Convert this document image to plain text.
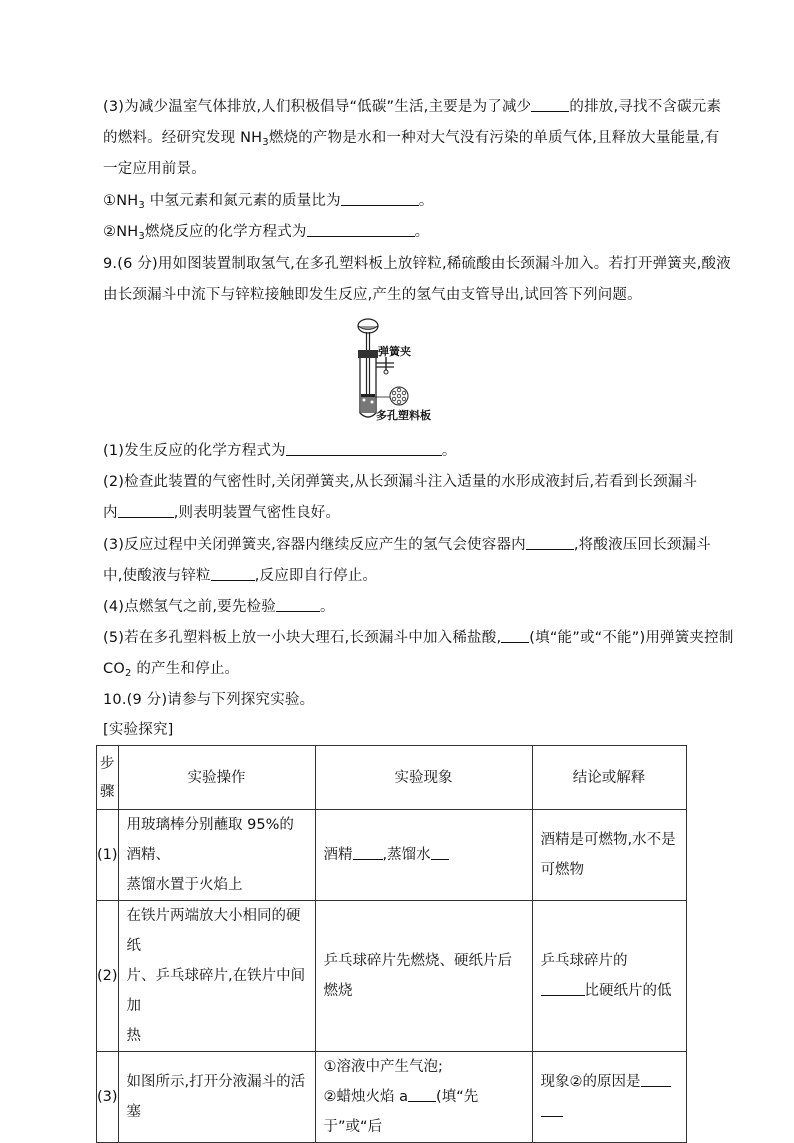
(3)为减少温室气体排放,人们积极倡导“低碳”生活,主要是为了减少	的排放,寻找不含碳元素
的燃料。经研究发现 $NH_3$燃烧的产物是水和一种对大气没有污染的单质气体,且释放大量能量,有
一定应用前景。
$①NH_3$ 中氢元素和氮元素的质量比为	。
$②NH_3$燃烧反应的化学方程式为	。
9.(6 分)用如图装置制取氢气,在多孔塑料板上放锌粒,稀硫酸由长颈漏斗加入。若打开弹簧夹,酸液
由长颈漏斗中流下与锌粒接触即发生反应,产生的氢气由支管导出,试回答下列问题。
弹簧夹
多孔塑料板
(1)发生反应的化学方程式为	。
(2)检查此装置的气密性时,关闭弹簧夹,从长颈漏斗注入适量的水形成液封后,若看到长颈漏斗
内	,则表明装置气密性良好。
(3)反应过程中关闭弹簧夹,容器内继续反应产生的氢气会使容器内	,将酸液压回长颈漏斗
中,使酸液与锌粒	,反应即自行停止。
(4)点燃氢气之前,要先检验	。
(5)若在多孔塑料板上放一小块大理石,长颈漏斗中加入稀盐酸, (填“能”或“不能”)用弹簧夹控制
$CO_2$ 的产生和停止。
10.(9 分)请参与下列探究实验。
[实验探究]
步
骤	实验操作	实验现象	结论或解释
(1)	用玻璃棒分别蘸取 95%的酒精、
蒸馏水置于火焰上	酒精 ,蒸馏水	酒精是可燃物,水不是
可燃物
(2)	在铁片两端放大小相同的硬纸
片、乒乓球碎片,在铁片中间加
热	乒乓球碎片先燃烧、硬纸片后燃烧	乒乓球碎片的
比硬纸片的低
(3)	如图所示,打开分液漏斗的活
塞	①溶液中产生气泡;
②蜡烛火焰 a (填“先于”或“后	现象②的原因是
